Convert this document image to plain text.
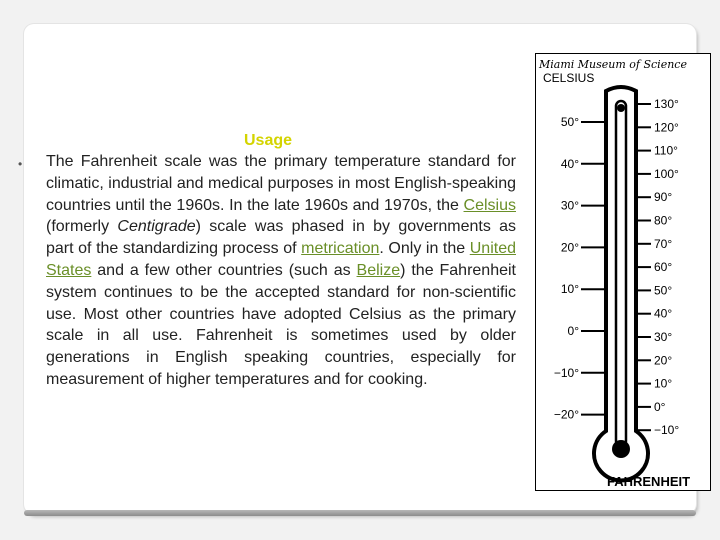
Usage
• The Fahrenheit scale was the primary temperature standard for climatic, industrial and medical purposes in most English-speaking countries until the 1960s. In the late 1960s and 1970s, the Celsius (formerly Centigrade) scale was phased in by governments as part of the standardizing process of metrication. Only in the United States and a few other countries (such as Belize) the Fahrenheit system continues to be the accepted standard for non-scientific use. Most other countries have adopted Celsius as the primary scale in all use. Fahrenheit is sometimes used by older generations in English speaking countries, especially for measurement of higher temperatures and for cooking.
Miami Museum of Science
CELSIUS
130°
120°
110°
100°
90°
80°
70°
60°
50°
40°
30°
20°
10°
0°
−10°
50°
40°
30°
20°
10°
0°
−10°
−20°
FAHRENHEIT
